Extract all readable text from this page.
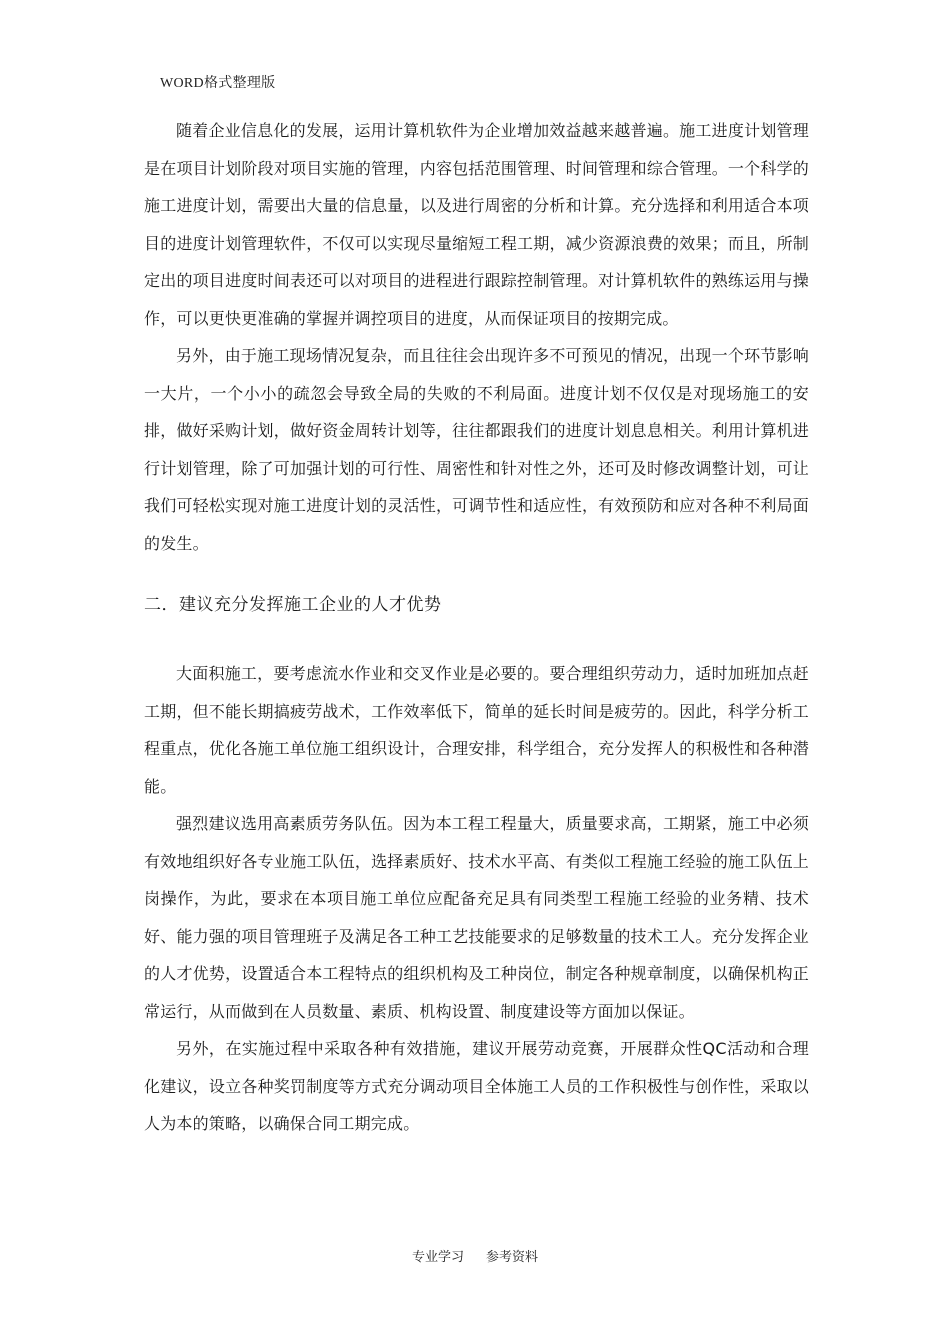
WORD格式整理版

随着企业信息化的发展，运用计算机软件为企业增加效益越来越普遍。施工进度计划管理是在项目计划阶段对项目实施的管理，内容包括范围管理、时间管理和综合管理。一个科学的施工进度计划，需要出大量的信息量，以及进行周密的分析和计算。充分选择和利用适合本项目的进度计划管理软件，不仅可以实现尽量缩短工程工期，减少资源浪费的效果；而且，所制定出的项目进度时间表还可以对项目的进程进行跟踪控制管理。对计算机软件的熟练运用与操作，可以更快更准确的掌握并调控项目的进度，从而保证项目的按期完成。

另外，由于施工现场情况复杂，而且往往会出现许多不可预见的情况，出现一个环节影响一大片，一个小小的疏忽会导致全局的失败的不利局面。进度计划不仅仅是对现场施工的安排，做好采购计划，做好资金周转计划等，往往都跟我们的进度计划息息相关。利用计算机进行计划管理，除了可加强计划的可行性、周密性和针对性之外，还可及时修改调整计划，可让我们可轻松实现对施工进度计划的灵活性，可调节性和适应性，有效预防和应对各种不利局面的发生。

二．建议充分发挥施工企业的人才优势

大面积施工，要考虑流水作业和交叉作业是必要的。要合理组织劳动力，适时加班加点赶工期，但不能长期搞疲劳战术，工作效率低下，简单的延长时间是疲劳的。因此，科学分析工程重点，优化各施工单位施工组织设计，合理安排，科学组合，充分发挥人的积极性和各种潜能。

强烈建议选用高素质劳务队伍。因为本工程工程量大，质量要求高，工期紧，施工中必须有效地组织好各专业施工队伍，选择素质好、技术水平高、有类似工程施工经验的施工队伍上岗操作，为此，要求在本项目施工单位应配备充足具有同类型工程施工经验的业务精、技术好、能力强的项目管理班子及满足各工种工艺技能要求的足够数量的技术工人。充分发挥企业的人才优势，设置适合本工程特点的组织机构及工种岗位，制定各种规章制度，以确保机构正常运行，从而做到在人员数量、素质、机构设置、制度建设等方面加以保证。

另外，在实施过程中采取各种有效措施，建议开展劳动竞赛，开展群众性QC活动和合理化建议，设立各种奖罚制度等方式充分调动项目全体施工人员的工作积极性与创作性，采取以人为本的策略，以确保合同工期完成。

专业学习 参考资料
